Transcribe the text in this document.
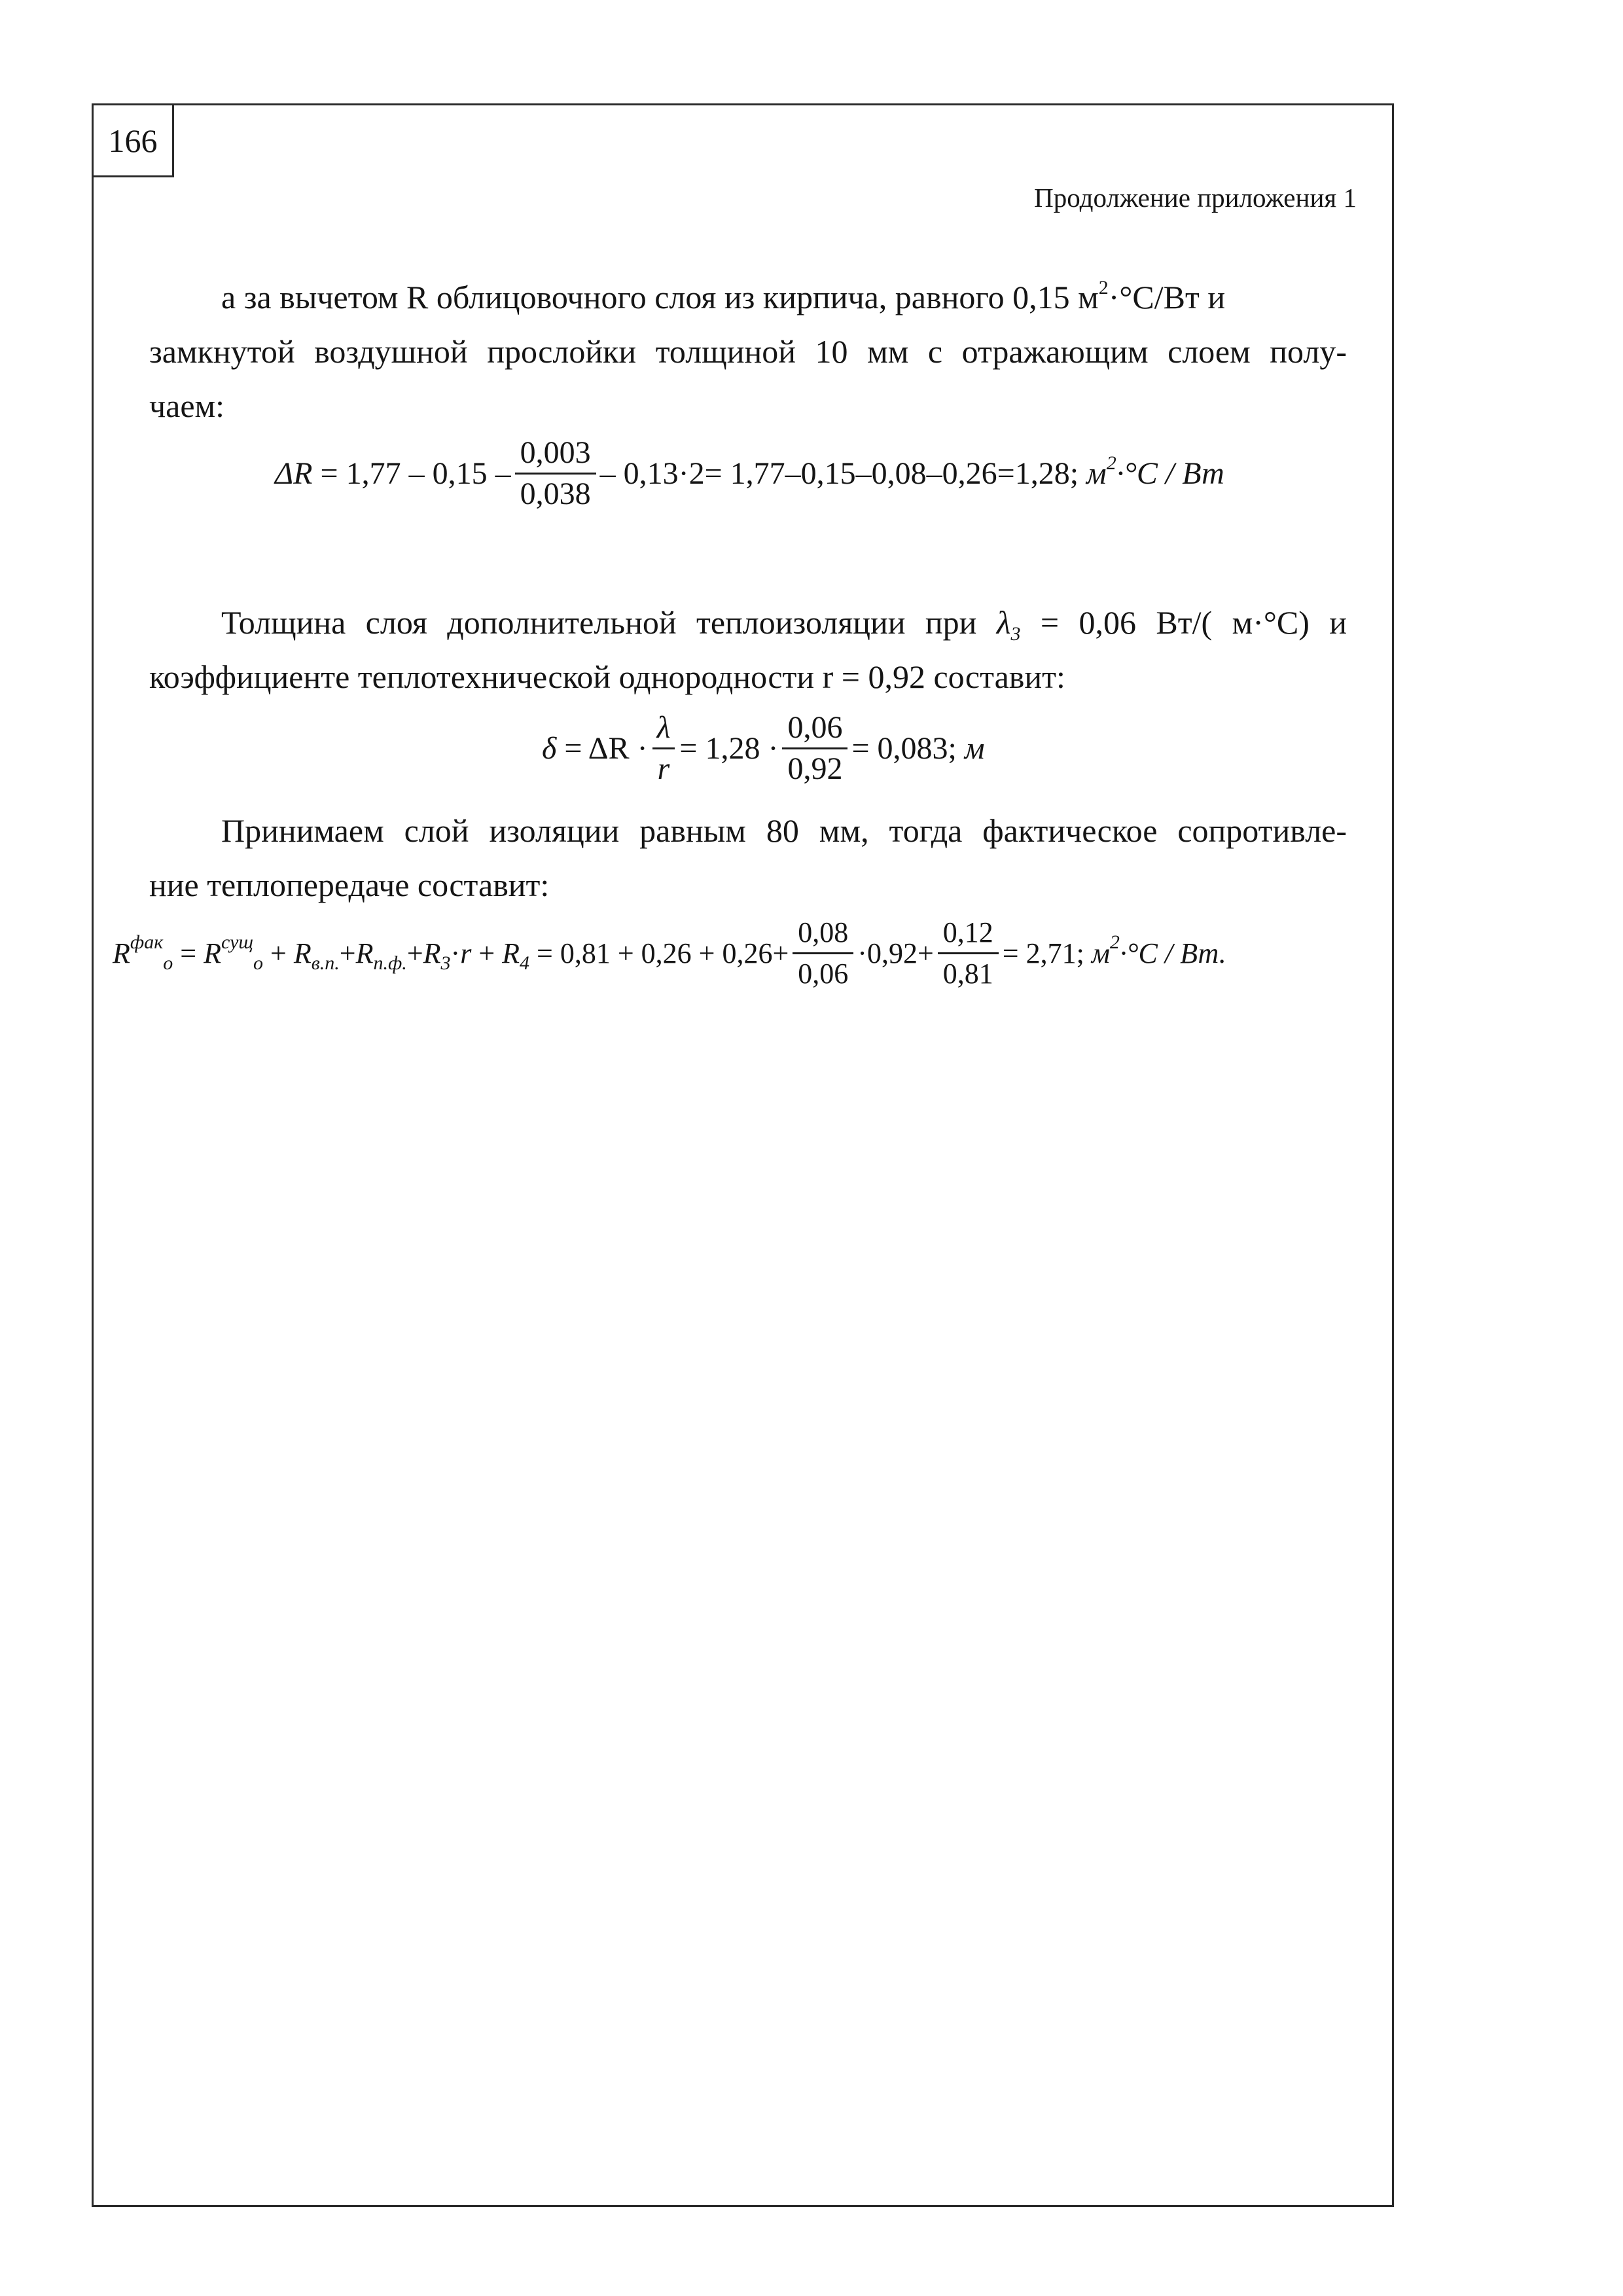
166
Продолжение приложения 1
а за вычетом R облицовочного слоя из кирпича, равного 0,15 $м^2\cdot^\circ С/Вт$ и
замкнутой воздушной прослойки толщиной 10 мм с отражающим слоем полу-
чаем:
ΔR
= $1,77 - 0,15 - \frac{0,003}{0,038} - 0,13\cdot 2= 1,77-0,15-0,08-0,26=1,28$;
$м^2\cdot^\circ C$ / Вт
Толщина слоя дополнительной теплоизоляции при $\lambda_3 = 0,06$ Вт/( м·°С) и
коэффициенте теплотехнической однородности r = 0,92 составит:
δ
= $\Delta R \cdot \frac{\lambda}{r} = 1,28 \cdot \frac{0,06}{0,92} = 0,083$;
м
Принимаем слой изоляции равным 80 мм, тогда фактическое сопротивле-
ние теплопередаче составит:
$R^{фак}_o$
=
$R^{сущ}_o$
+
$R_{в.п.} + R_{п.ф.} + R_3 \cdot r$
+
$R_4$
= $0,81 + 0,26 + 0,26+ \frac{0,08}{0,06} \cdot 0,92+ \frac{0,12}{0,81} = 2,71$;
$м^2\cdot^\circ C$ / Вт.
